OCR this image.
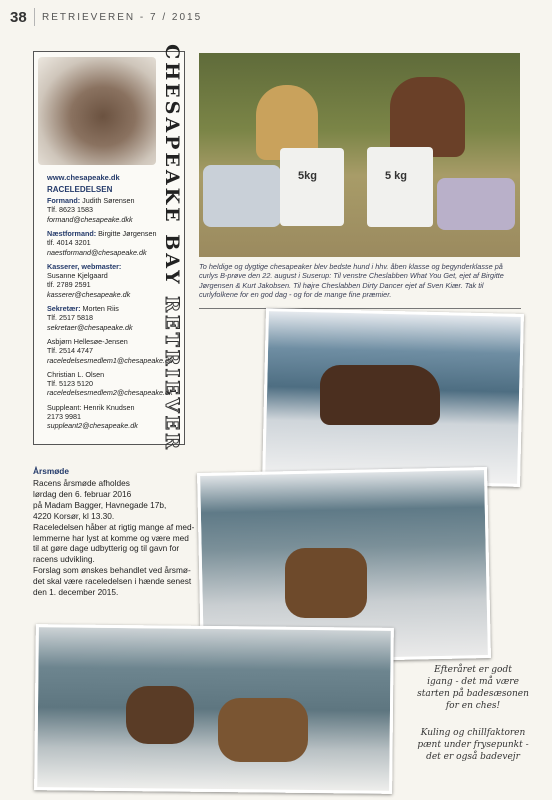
38 RETRIEVEREN - 7 / 2015
CHESAPEAKE BAY RETRIEVER
www.chesapeake.dk
RACELEDELSEN
Formand: Judith Sørensen
Tlf. 8623 1583
formand@chesapeake.dkk
Næstformand: Birgitte Jørgensen
tlf. 4014 3201
naestformand@chesapeake.dk
Kasserer, webmaster:
Susanne Kjelgaard
tlf. 2789 2591
kasserer@chesapeake.dk
Sekretær: Morten Riis
Tlf. 2517 5818
sekretaer@chesapeake.dk
Asbjørn Hellesøe-Jensen
Tlf. 2514 4747
raceledelsesmedlem1@chesapeake.dk
Christian L. Olsen
Tlf. 5123 5120
raceledelsesmedlem2@chesapeake.dk
Suppleant: Henrik Knudsen
2173 9981
suppleant2@chesapeake.dk
5kg	5 kg
To heldige og dygtige chesapeaker blev bedste hund i hhv. åben klasse og begynderklasse på curlys B-prøve den 22. august i Suserup: Til venstre Cheslabben What You Get, ejet af Birgitte Jørgensen & Kurt Jakobsen. Til højre Cheslabben Dirty Dancer ejet af Sven Kiær. Tak til curlyfolkene for en god dag - og for de mange fine præmier.
Årsmøde
Racens årsmøde afholdes
lørdag den 6. februar 2016
på Madam Bagger, Havnegade 17b,
4220 Korsør, kl 13.30.
Raceledelsen håber at rigtig mange af med-
lemmerne har lyst at komme og være med
til at gøre dage udbytterig og til gavn for
racens udvikling.
Forslag som ønskes behandlet ved årsmø-
det skal være raceledelsen i hænde senest
den 1. december 2015.
Efteråret er godt
igang - det må være
starten på badesæsonen
for en ches!
Kuling og chillfaktoren
pænt under frysepunkt -
det er også badevejr
